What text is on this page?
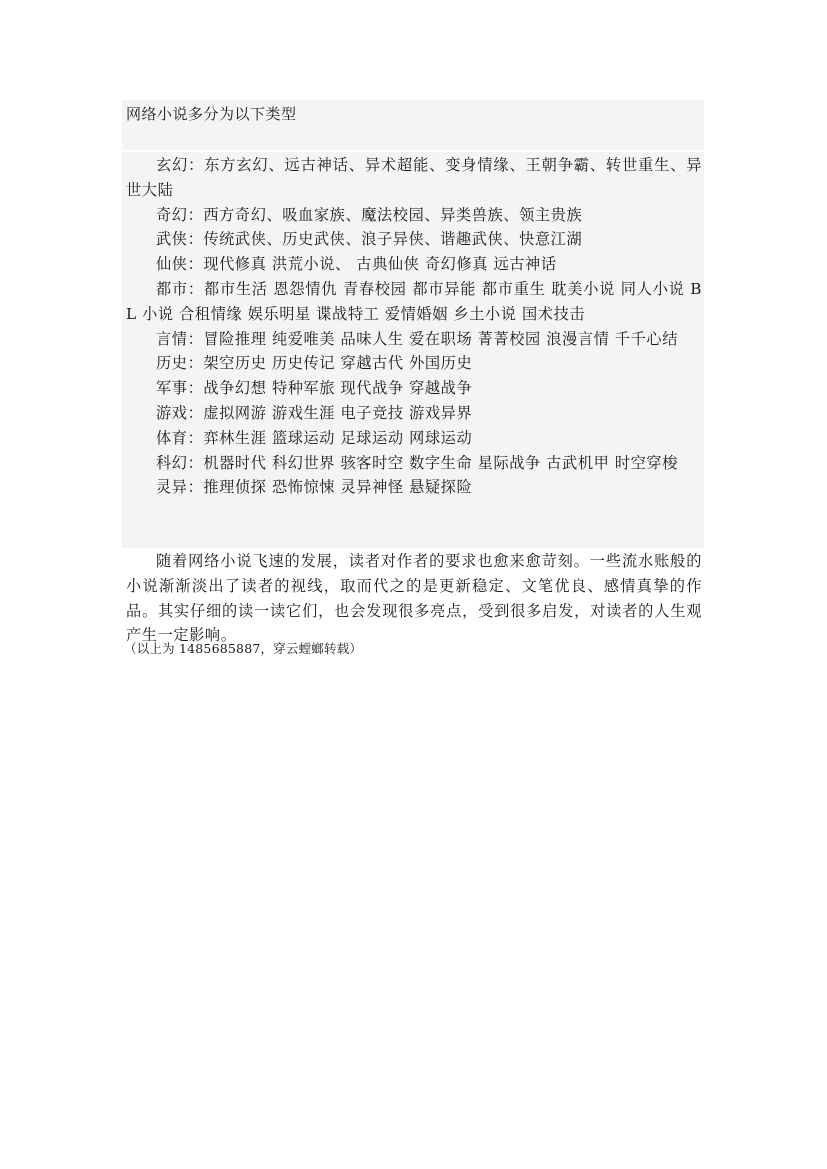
网络小说多分为以下类型

玄幻：东方玄幻、远古神话、异术超能、变身情缘、王朝争霸、转世重生、异世大陆

奇幻：西方奇幻、吸血家族、魔法校园、异类兽族、领主贵族

武侠：传统武侠、历史武侠、浪子异侠、谐趣武侠、快意江湖

仙侠：现代修真 洪荒小说、 古典仙侠 奇幻修真 远古神话

都市：都市生活 恩怨情仇 青春校园 都市异能 都市重生 耽美小说 同人小说 BL 小说 合租情缘 娱乐明星 谍战特工 爱情婚姻 乡土小说 国术技击

言情：冒险推理 纯爱唯美 品味人生 爱在职场 菁菁校园 浪漫言情 千千心结

历史：架空历史 历史传记 穿越古代 外国历史

军事：战争幻想 特种军旅 现代战争 穿越战争

游戏：虚拟网游 游戏生涯 电子竞技 游戏异界

体育：弈林生涯 篮球运动 足球运动 网球运动

科幻：机器时代 科幻世界 骇客时空 数字生命 星际战争 古武机甲 时空穿梭

灵异：推理侦探 恐怖惊悚 灵异神怪 悬疑探险

随着网络小说飞速的发展，读者对作者的要求也愈来愈苛刻。一些流水账般的小说渐渐淡出了读者的视线，取而代之的是更新稳定、文笔优良、感情真挚的作品。其实仔细的读一读它们，也会发现很多亮点，受到很多启发，对读者的人生观产生一定影响。

（以上为 1485685887，穿云螳螂转载）
